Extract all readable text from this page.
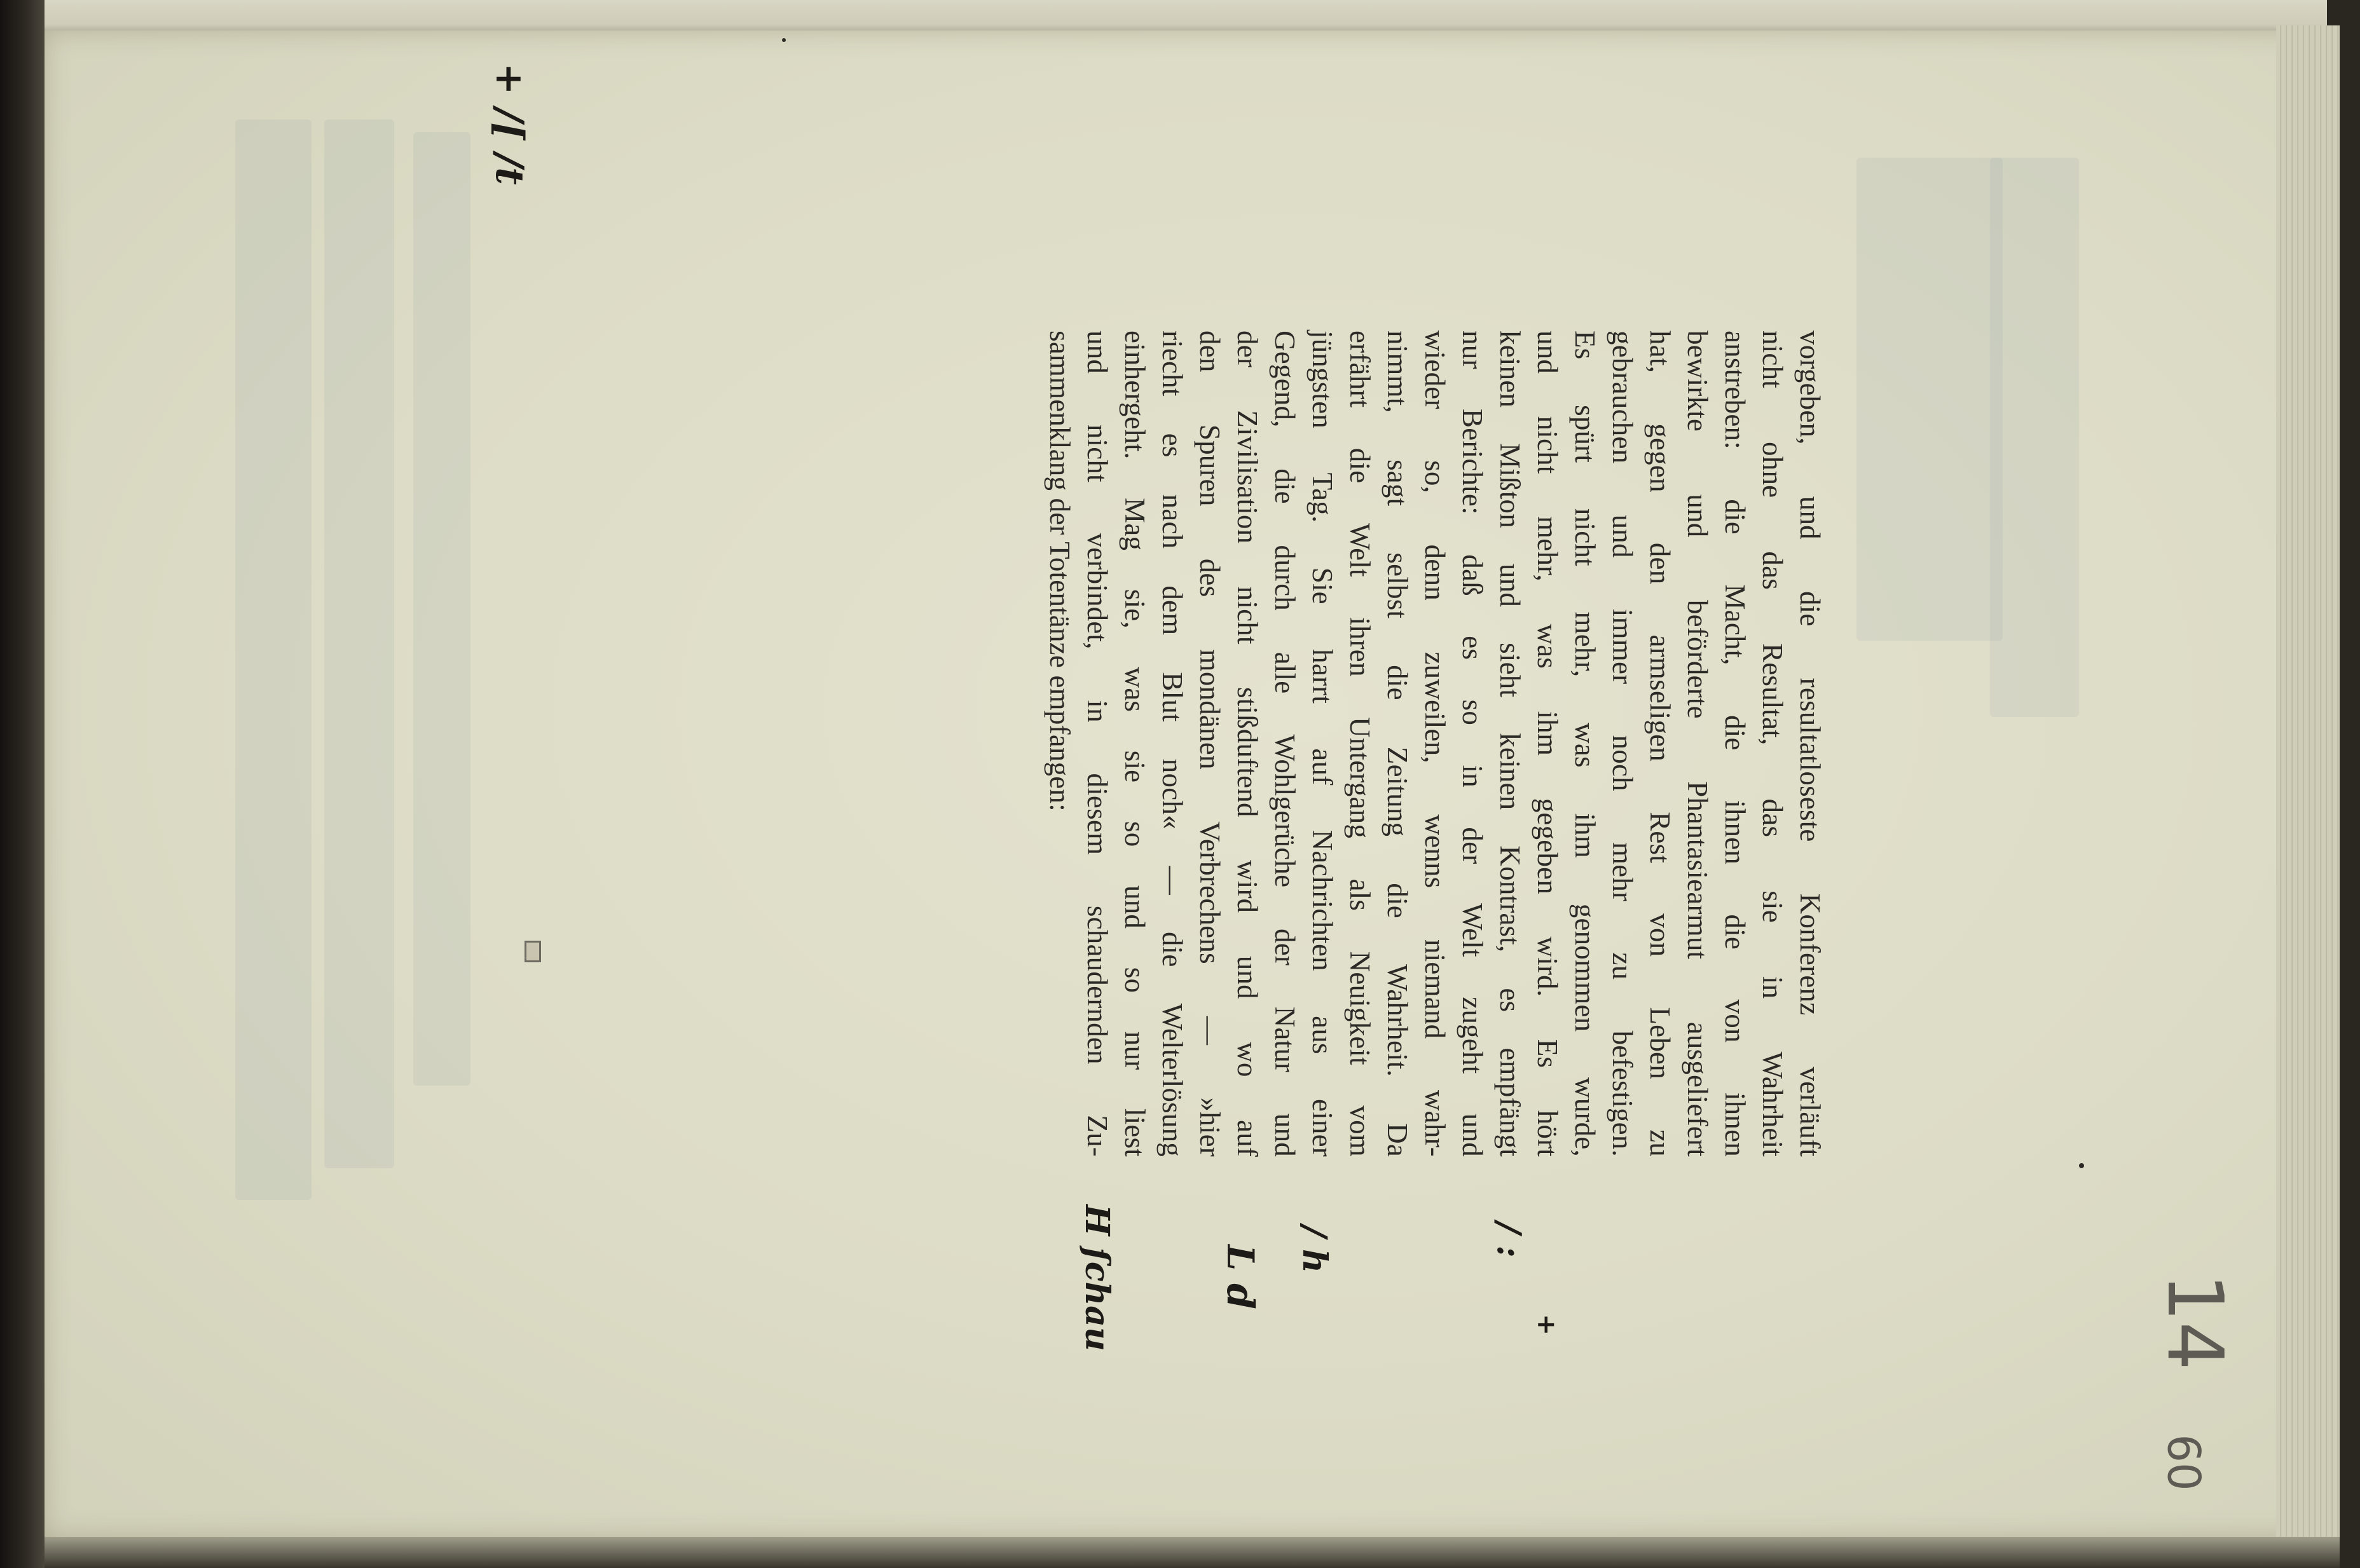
vorgeben, und die resultatloseste Konferenz verläuft
nicht ohne das Resultat, das sie in Wahrheit
anstreben: die Macht, die ihnen die von ihnen
bewirkte und beförderte Phantasiearmut ausgeliefert
hat, gegen den armseligen Rest von Leben zu
gebrauchen und immer noch mehr zu befestigen.
Es spürt nicht mehr, was ihm genommen wurde,
und nicht mehr, was ihm gegeben wird. Es hört
keinen Mißton und sieht keinen Kontrast, es empfängt
nur Berichte: daß es so in der Welt zugeht und
wieder so, denn zuweilen, wenns niemand wahr-
nimmt, sagt selbst die Zeitung die Wahrheit. Da
erfährt die Welt ihren Untergang als Neuigkeit vom
jüngsten Tag. Sie harrt auf Nachrichten aus einer
Gegend, die durch alle Wohlgerüche der Natur und
der Zivilisation nicht stißduftend wird und wo auf
den Spuren des mondänen Verbrechens — »hier
riecht es nach dem Blut noch« — die Welterlösung
einhergeht. Mag sie, was sie so und so nur liest
und nicht verbindet, in diesem schaudernden Zu-
sammenklang der Totentänze empfangen:
+ /[ /t
/ :
/ h
L d
+
H ſchau	14
60
